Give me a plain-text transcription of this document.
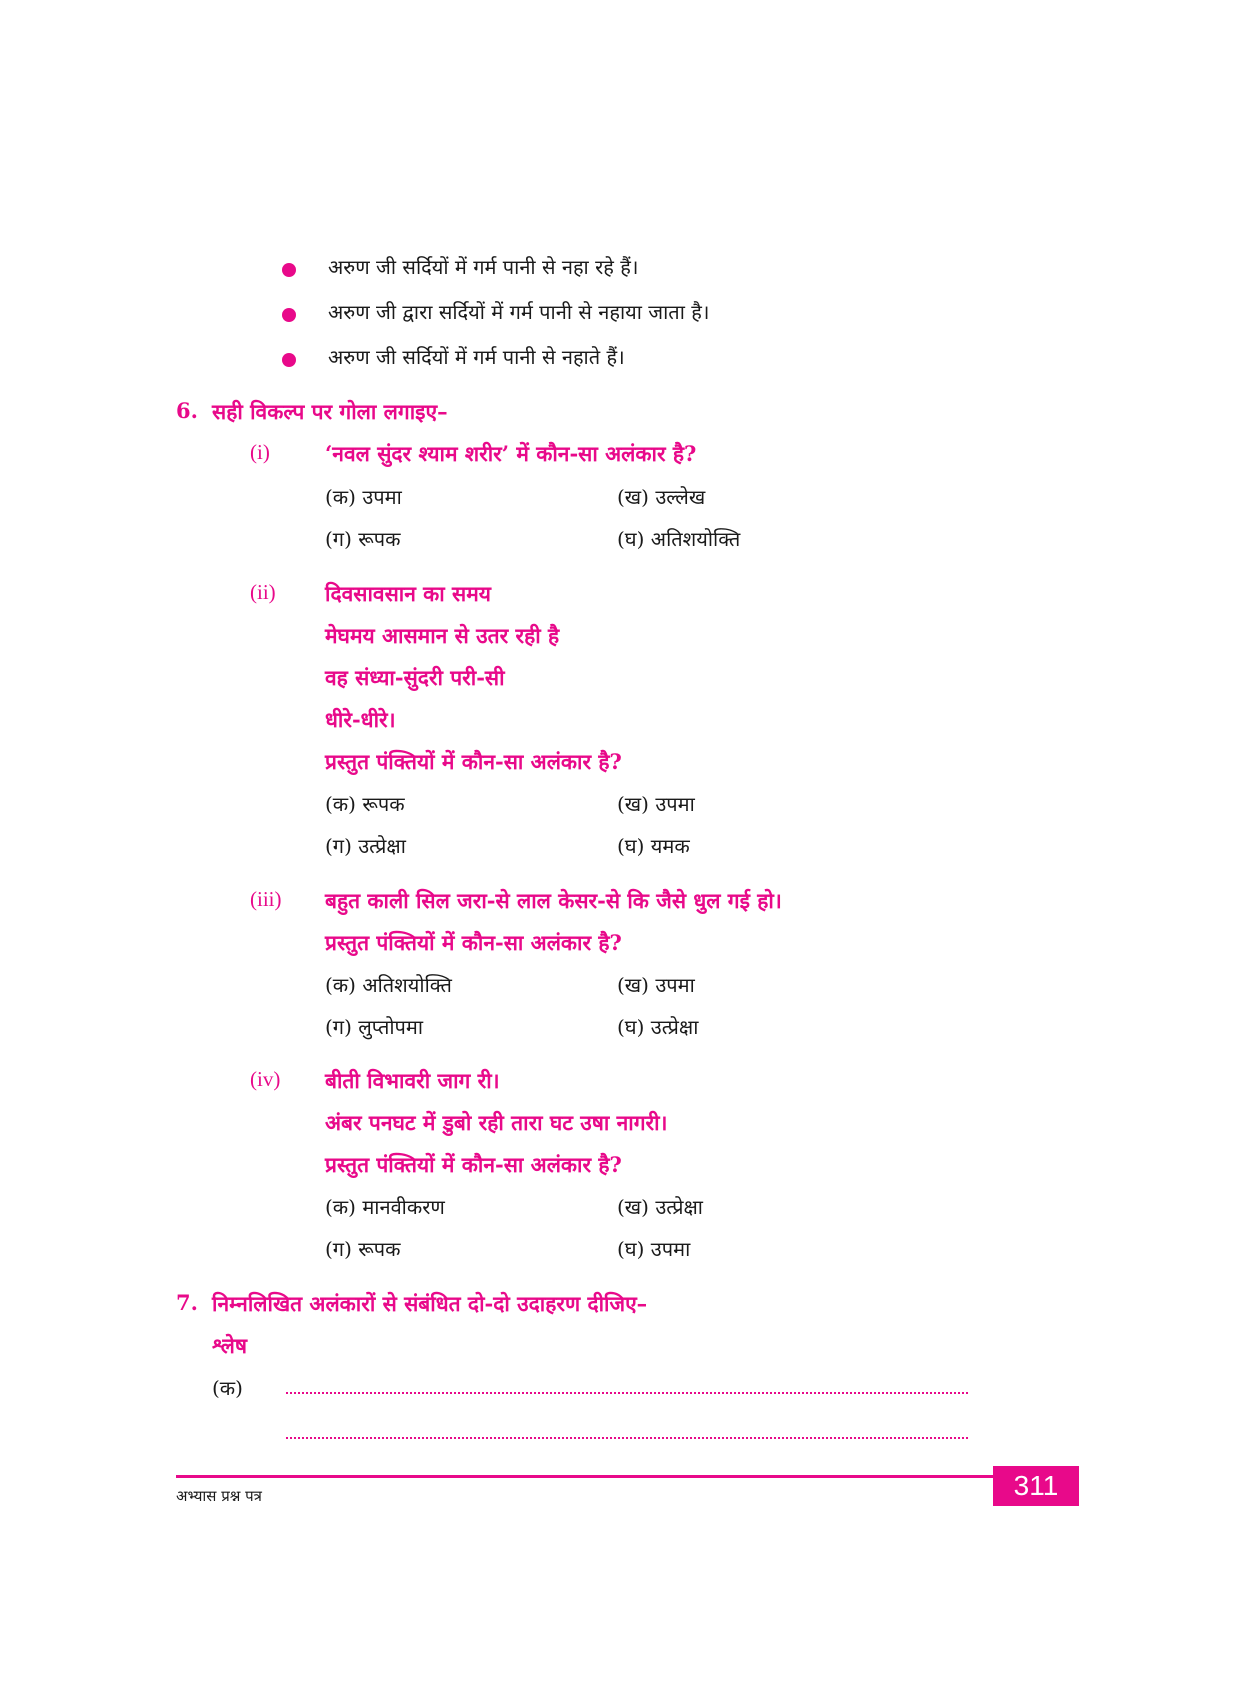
अरुण जी सर्दियों में गर्म पानी से नहा रहे हैं।
अरुण जी द्वारा सर्दियों में गर्म पानी से नहाया जाता है।
अरुण जी सर्दियों में गर्म पानी से नहाते हैं।
6. सही विकल्प पर गोला लगाइए–
(i)	‘नवल सुंदर श्याम शरीर’ में कौन-सा अलंकार है?
(क) उपमा	(ख) उल्लेख
(ग) रूपक	(घ) अतिशयोक्ति
(ii) दिवसावसान का समय
मेघमय आसमान से उतर रही है
वह संध्या-सुंदरी परी-सी
धीरे-धीरे।
प्रस्तुत पंक्तियों में कौन-सा अलंकार है?
(क) रूपक	(ख) उपमा
(ग) उत्प्रेक्षा	(घ) यमक
(iii) बहुत काली सिल जरा-से लाल केसर-से कि जैसे धुल गई हो।
प्रस्तुत पंक्तियों में कौन-सा अलंकार है?
(क) अतिशयोक्ति	(ख) उपमा
(ग) लुप्तोपमा	(घ) उत्प्रेक्षा
(iv) बीती विभावरी जाग री।
अंबर पनघट में डुबो रही तारा घट उषा नागरी।
प्रस्तुत पंक्तियों में कौन-सा अलंकार है?
(क) मानवीकरण	(ख) उत्प्रेक्षा
(ग) रूपक	(घ) उपमा
7. निम्नलिखित अलंकारों से संबंधित दो-दो उदाहरण दीजिए–
श्लेष
(क)
अभ्यास प्रश्न पत्र	311
